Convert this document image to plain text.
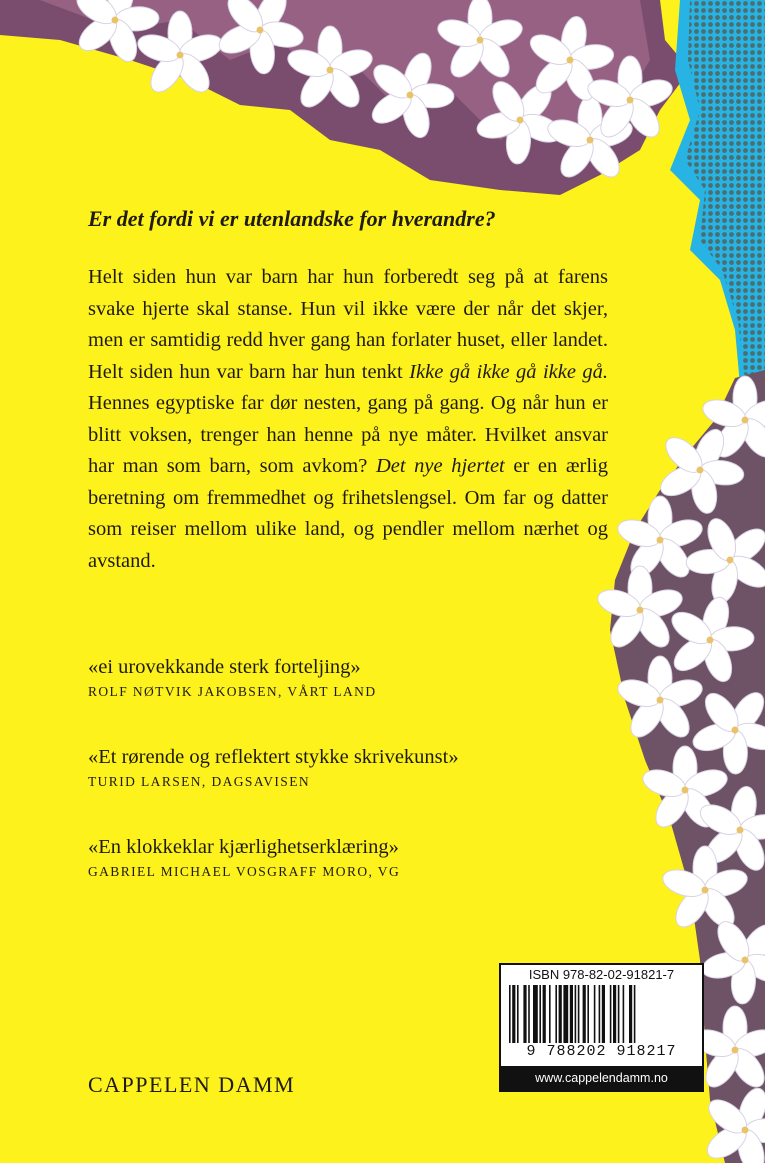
Er det fordi vi er utenlandske for hverandre?

Helt siden hun var barn har hun forberedt seg på at farens svake hjerte skal stanse. Hun vil ikke være der når det skjer, men er samtidig redd hver gang han forlater huset, eller landet. Helt siden hun var barn har hun tenkt Ikke gå ikke gå ikke gå. Hennes egyptiske far dør nesten, gang på gang. Og når hun er blitt voksen, trenger han henne på nye måter. Hvilket ansvar har man som barn, som avkom? Det nye hjertet er en ærlig beretning om fremmedhet og frihetslengsel. Om far og datter som reiser mellom ulike land, og pendler mellom nærhet og avstand.

«ei urovekkande sterk forteljing»
ROLF NØTVIK JAKOBSEN, VÅRT LAND
«Et rørende og reflektert stykke skrivekunst»
TURID LARSEN, DAGSAVISEN
«En klokkeklar kjærlighetserklæring»
GABRIEL MICHAEL VOSGRAFF MORO, VG
CAPPELEN DAMM
ISBN 978-82-02-91821-7
9 788202 918217
www.cappelendamm.no
